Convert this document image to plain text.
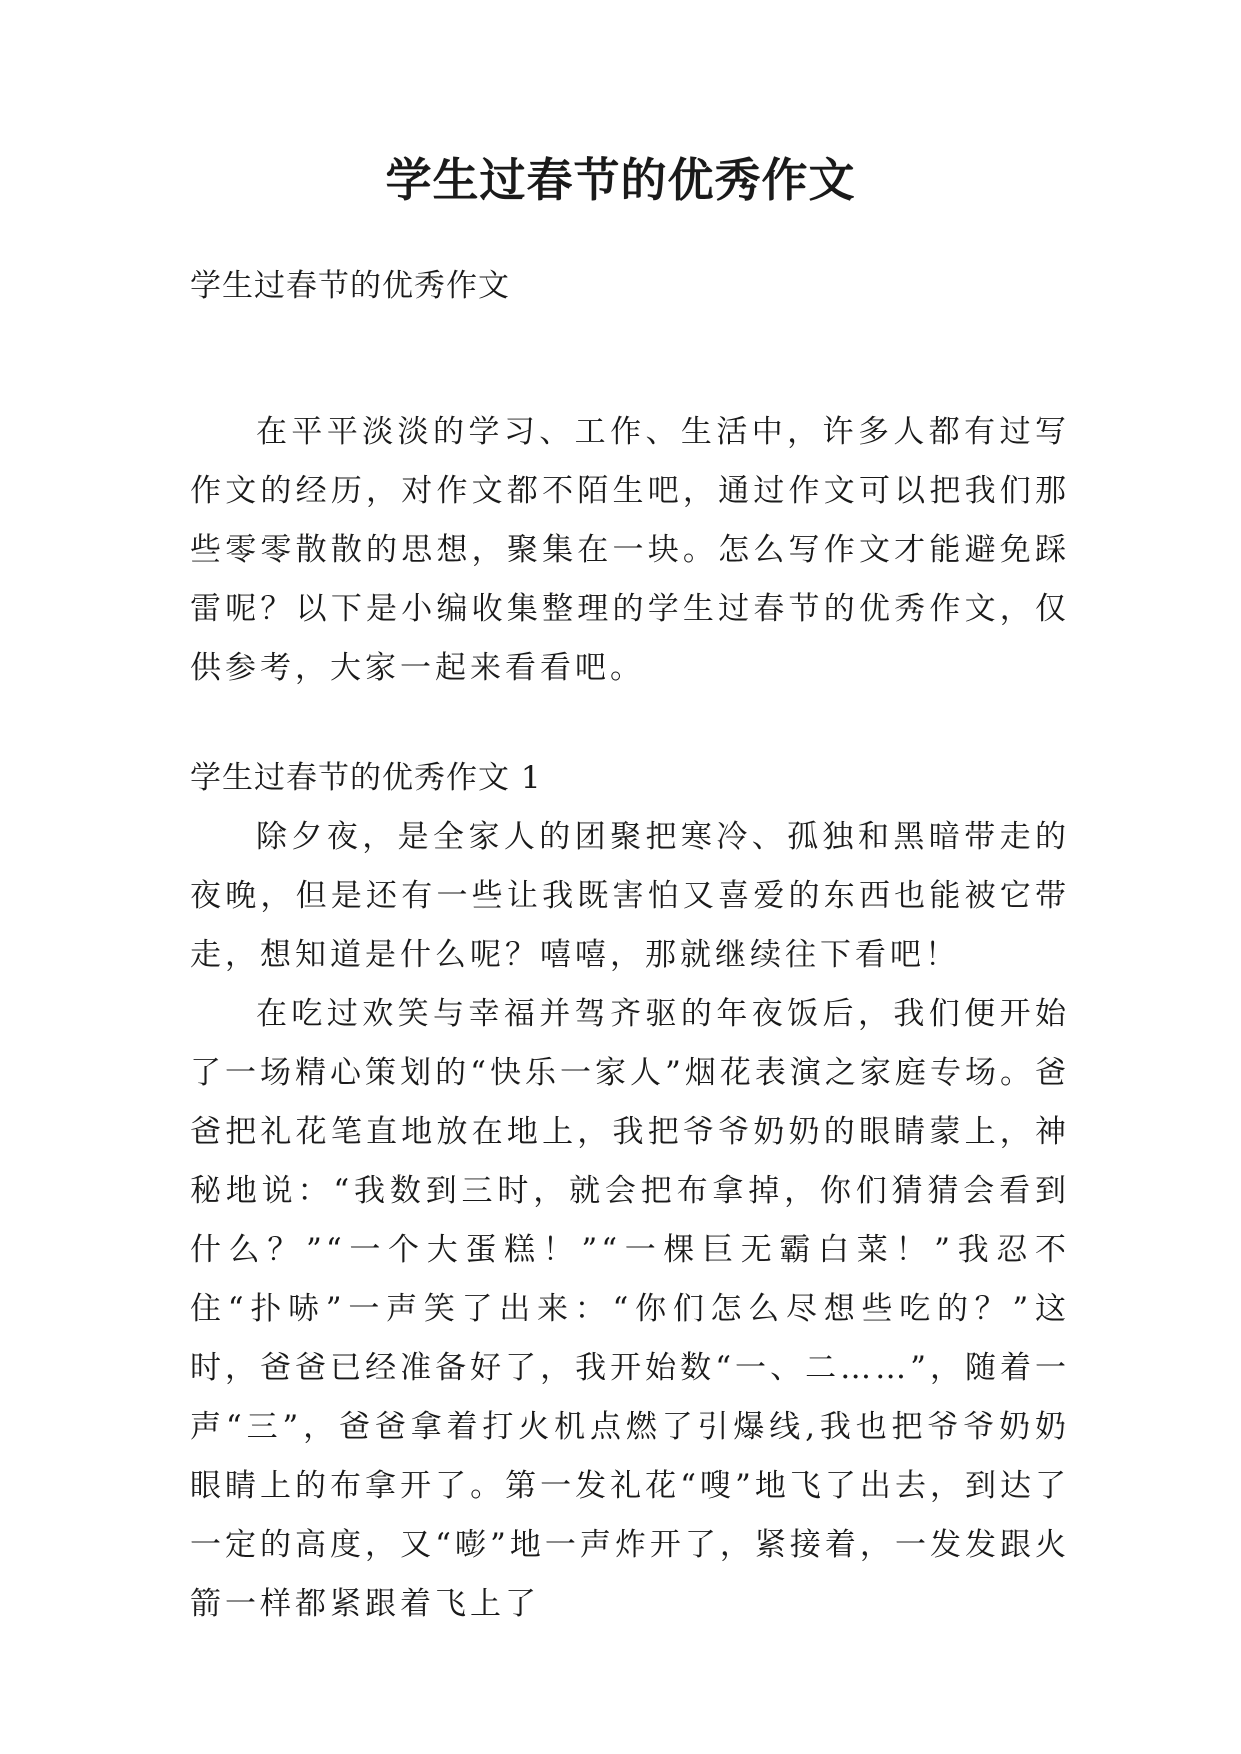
学生过春节的优秀作文

学生过春节的优秀作文

在平平淡淡的学习、工作、生活中，许多人都有过写作文的经历，对作文都不陌生吧，通过作文可以把我们那些零零散散的思想，聚集在一块。怎么写作文才能避免踩雷呢？以下是小编收集整理的学生过春节的优秀作文，仅供参考，大家一起来看看吧。

学生过春节的优秀作文 1

除夕夜，是全家人的团聚把寒冷、孤独和黑暗带走的夜晚，但是还有一些让我既害怕又喜爱的东西也能被它带走，想知道是什么呢？嘻嘻，那就继续往下看吧！

在吃过欢笑与幸福并驾齐驱的年夜饭后，我们便开始了一场精心策划的“快乐一家人”烟花表演之家庭专场。爸爸把礼花笔直地放在地上，我把爷爷奶奶的眼睛蒙上，神秘地说：“我数到三时，就会把布拿掉，你们猜猜会看到什么？”“一个大蛋糕！”“一棵巨无霸白菜！”我忍不住“扑哧”一声笑了出来：“你们怎么尽想些吃的？”这时，爸爸已经准备好了，我开始数“一、二……”，随着一声“三”，爸爸拿着打火机点燃了引爆线,我也把爷爷奶奶眼睛上的布拿开了。第一发礼花“嗖”地飞了出去，到达了一定的高度，又“嘭”地一声炸开了，紧接着，一发发跟火箭一样都紧跟着飞上了
